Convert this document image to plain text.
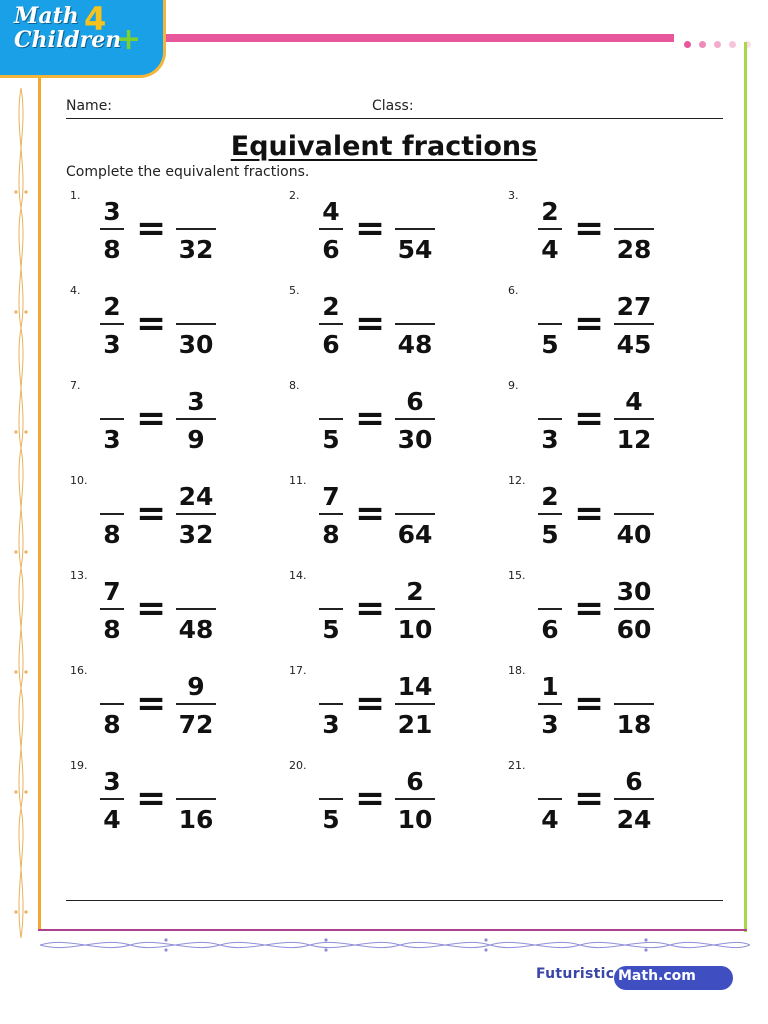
Math
Children
4
+
Name:	Class:
Equivalent fractions
Complete the equivalent fractions.
1.
3
8
=
32
2.
4
6
=
54
3.
2
4
=
28
4.
2
3
=
30
5.
2
6
=
48
6.
5
= 27
45
7.
3
= 3
9
8.
5
= 6
30
9.
3
= 4
12
10.
8
= 24
32
11.
7
8
=
64
12.
2
5
=
40
13.
7
8
=
48
14.
5
= 2
10
15.
6
= 30
60
16.
8
= 9
72
17.
3
= 14
21
18.
1
3
=
18
19.
3
4
=
16
20.
5
= 6
10
21.
4
= 6
24
Futuristic Math.com
